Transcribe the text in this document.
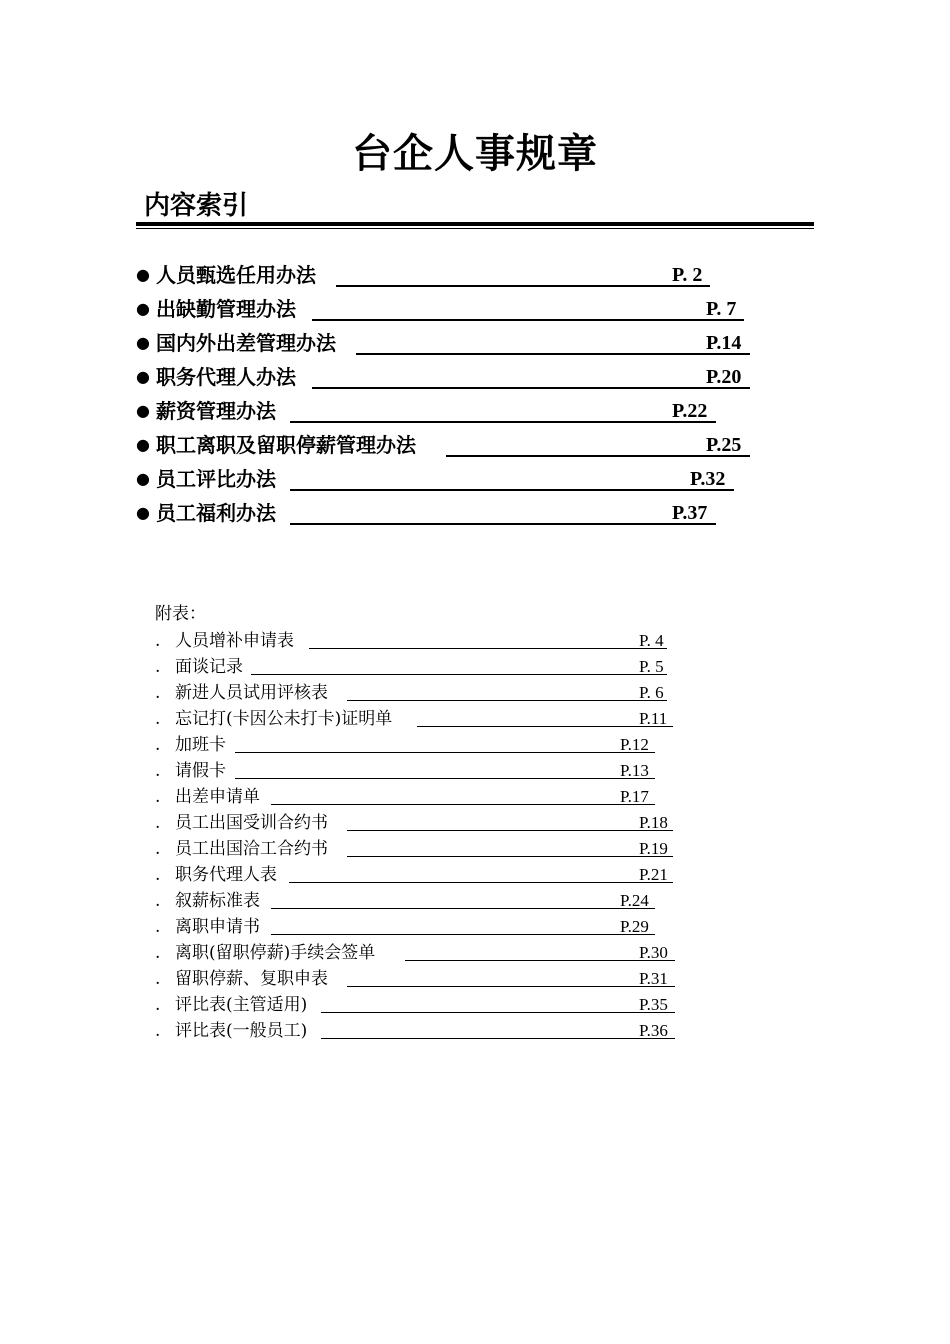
台企人事规章
内容索引
● 人员甄选任用办法	P. 2
● 出缺勤管理办法	P. 7
● 国内外出差管理办法	P.14
● 职务代理人办法	P.20
● 薪资管理办法	P.22
● 职工离职及留职停薪管理办法	P.25
● 员工评比办法	P.32
● 员工福利办法	P.37
附表：
. 人员增补申请表	P. 4
. 面谈记录	P. 5
. 新进人员试用评核表	P. 6
. 忘记打(卡因公未打卡)证明单	P.11
. 加班卡	P.12
. 请假卡	P.13
. 出差申请单	P.17
. 员工出国受训合约书	P.18
. 员工出国洽工合约书	P.19
. 职务代理人表	P.21
. 叙薪标准表	P.24
. 离职申请书	P.29
. 离职(留职停薪)手续会签单	P.30
. 留职停薪、复职申表	P.31
. 评比表(主管适用)	P.35
. 评比表(一般员工)	P.36
